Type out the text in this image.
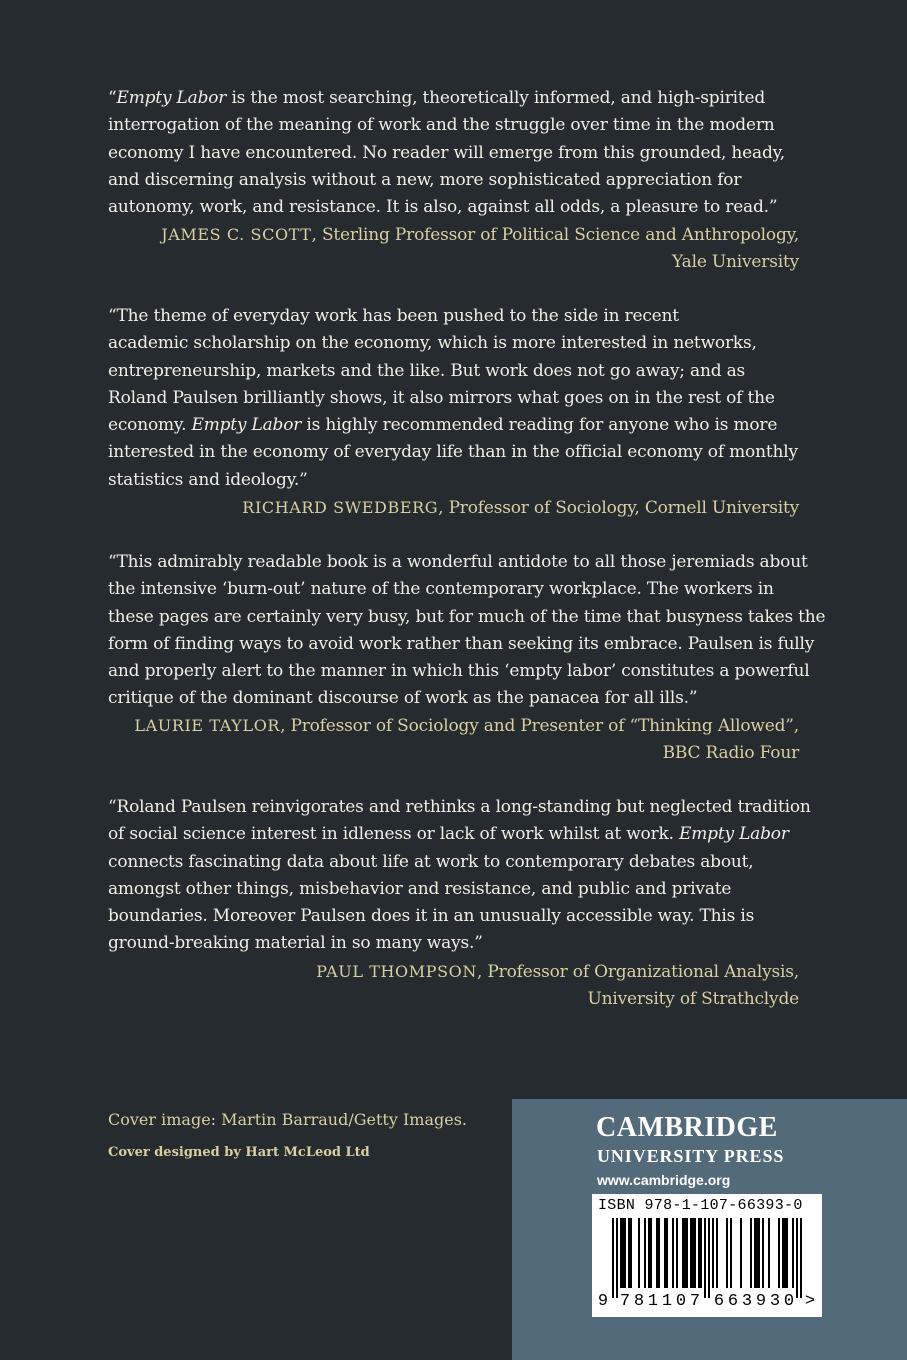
“Empty Labor is the most searching, theoretically informed, and high-spirited
interrogation of the meaning of work and the struggle over time in the modern
economy I have encountered. No reader will emerge from this grounded, heady,
and discerning analysis without a new, more sophisticated appreciation for
autonomy, work, and resistance. It is also, against all odds, a pleasure to read.”
JAMES C. SCOTT, Sterling Professor of Political Science and Anthropology,
Yale University
“The theme of everyday work has been pushed to the side in recent
academic scholarship on the economy, which is more interested in networks,
entrepreneurship, markets and the like. But work does not go away; and as
Roland Paulsen brilliantly shows, it also mirrors what goes on in the rest of the
economy. Empty Labor is highly recommended reading for anyone who is more
interested in the economy of everyday life than in the official economy of monthly
statistics and ideology.”
RICHARD SWEDBERG, Professor of Sociology, Cornell University
“This admirably readable book is a wonderful antidote to all those jeremiads about
the intensive ‘burn-out’ nature of the contemporary workplace. The workers in
these pages are certainly very busy, but for much of the time that busyness takes the
form of finding ways to avoid work rather than seeking its embrace. Paulsen is fully
and properly alert to the manner in which this ‘empty labor’ constitutes a powerful
critique of the dominant discourse of work as the panacea for all ills.”
LAURIE TAYLOR, Professor of Sociology and Presenter of “Thinking Allowed”,
BBC Radio Four
“Roland Paulsen reinvigorates and rethinks a long-standing but neglected tradition
of social science interest in idleness or lack of work whilst at work. Empty Labor
connects fascinating data about life at work to contemporary debates about,
amongst other things, misbehavior and resistance, and public and private
boundaries. Moreover Paulsen does it in an unusually accessible way. This is
ground-breaking material in so many ways.”
PAUL THOMPSON, Professor of Organizational Analysis,
University of Strathclyde
Cover image: Martin Barraud/Getty Images.
Cover designed by Hart McLeod Ltd
CAMBRIDGE
UNIVERSITY PRESS
www.cambridge.org
ISBN 978-1-107-66393-0
9 7 8 1 1 0 7 6 6 3 9 3 0 >
